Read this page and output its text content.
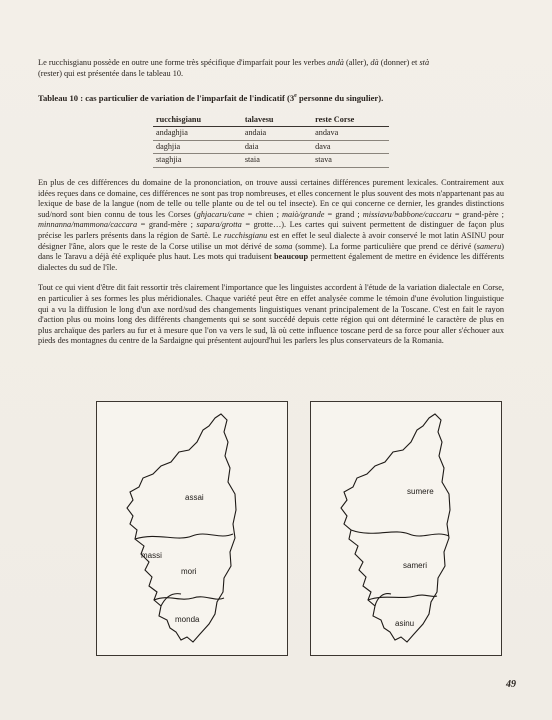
Le rucchisgianu possède en outre une forme très spécifique d'imparfait pour les verbes andà (aller), dà (donner) et stà
(rester) qui est présentée dans le tableau 10.

Tableau 10 : cas particulier de variation de l'imparfait de l'indicatif (3e personne du singulier).

rucchisgianu	talavesu	reste Corse
andaghjia	andaia	andava
daghjia	daia	dava
staghjia	staia	stava

En plus de ces différences du domaine de la prononciation, on trouve aussi certaines différences purement lexicales. Contrairement aux idées reçues dans ce domaine, ces différences ne sont pas trop nombreuses, et elles concernent le plus souvent des mots n'appartenant pas au lexique de base de la langue (nom de telle ou telle plante ou de tel ou tel insecte). En ce qui concerne ce dernier, les grandes distinctions sud/nord sont bien connu de tous les Corses (ghjacaru/cane = chien ; maiò/grande = grand ; missiavu/babbone/caccaru = grand-père ; minnanna/mammona/caccara = grand-mère ; sapara/grotta = grotte…). Les cartes qui suivent permettent de distinguer de façon plus précise les parlers présents dans la région de Sartè. Le rucchisgianu est en effet le seul dialecte à avoir conservé le mot latin ASINU pour désigner l'âne, alors que le reste de la Corse utilise un mot dérivé de soma (somme). La forme particulière que prend ce dérivé (sameru) dans le Taravu a déjà été expliquée plus haut. Les mots qui traduisent beaucoup permettent également de mettre en évidence les différents dialectes du sud de l'île.

Tout ce qui vient d'être dit fait ressortir très clairement l'importance que les linguistes accordent à l'étude de la variation dialectale en Corse, en particulier à ses formes les plus méridionales. Chaque variété peut être en effet analysée comme le témoin d'une évolution linguistique qui a vu la diffusion le long d'un axe nord/sud des changements linguistiques venant principalement de la Toscane. C'est en fait le rayon d'action plus ou moins long des différents changements qui se sont succédé depuis cette région qui ont déterminé le caractère de plus en plus archaïque des parlers au fur et à mesure que l'on va vers le sud, là où cette influence toscane perd de sa force pour aller s'échouer aux pieds des montagnes du centre de la Sardaigne qui présentent aujourd'hui les parlers les plus conservateurs de la Romania.

assai
massi
mori
monda
sumere
sameri
asinu
49
